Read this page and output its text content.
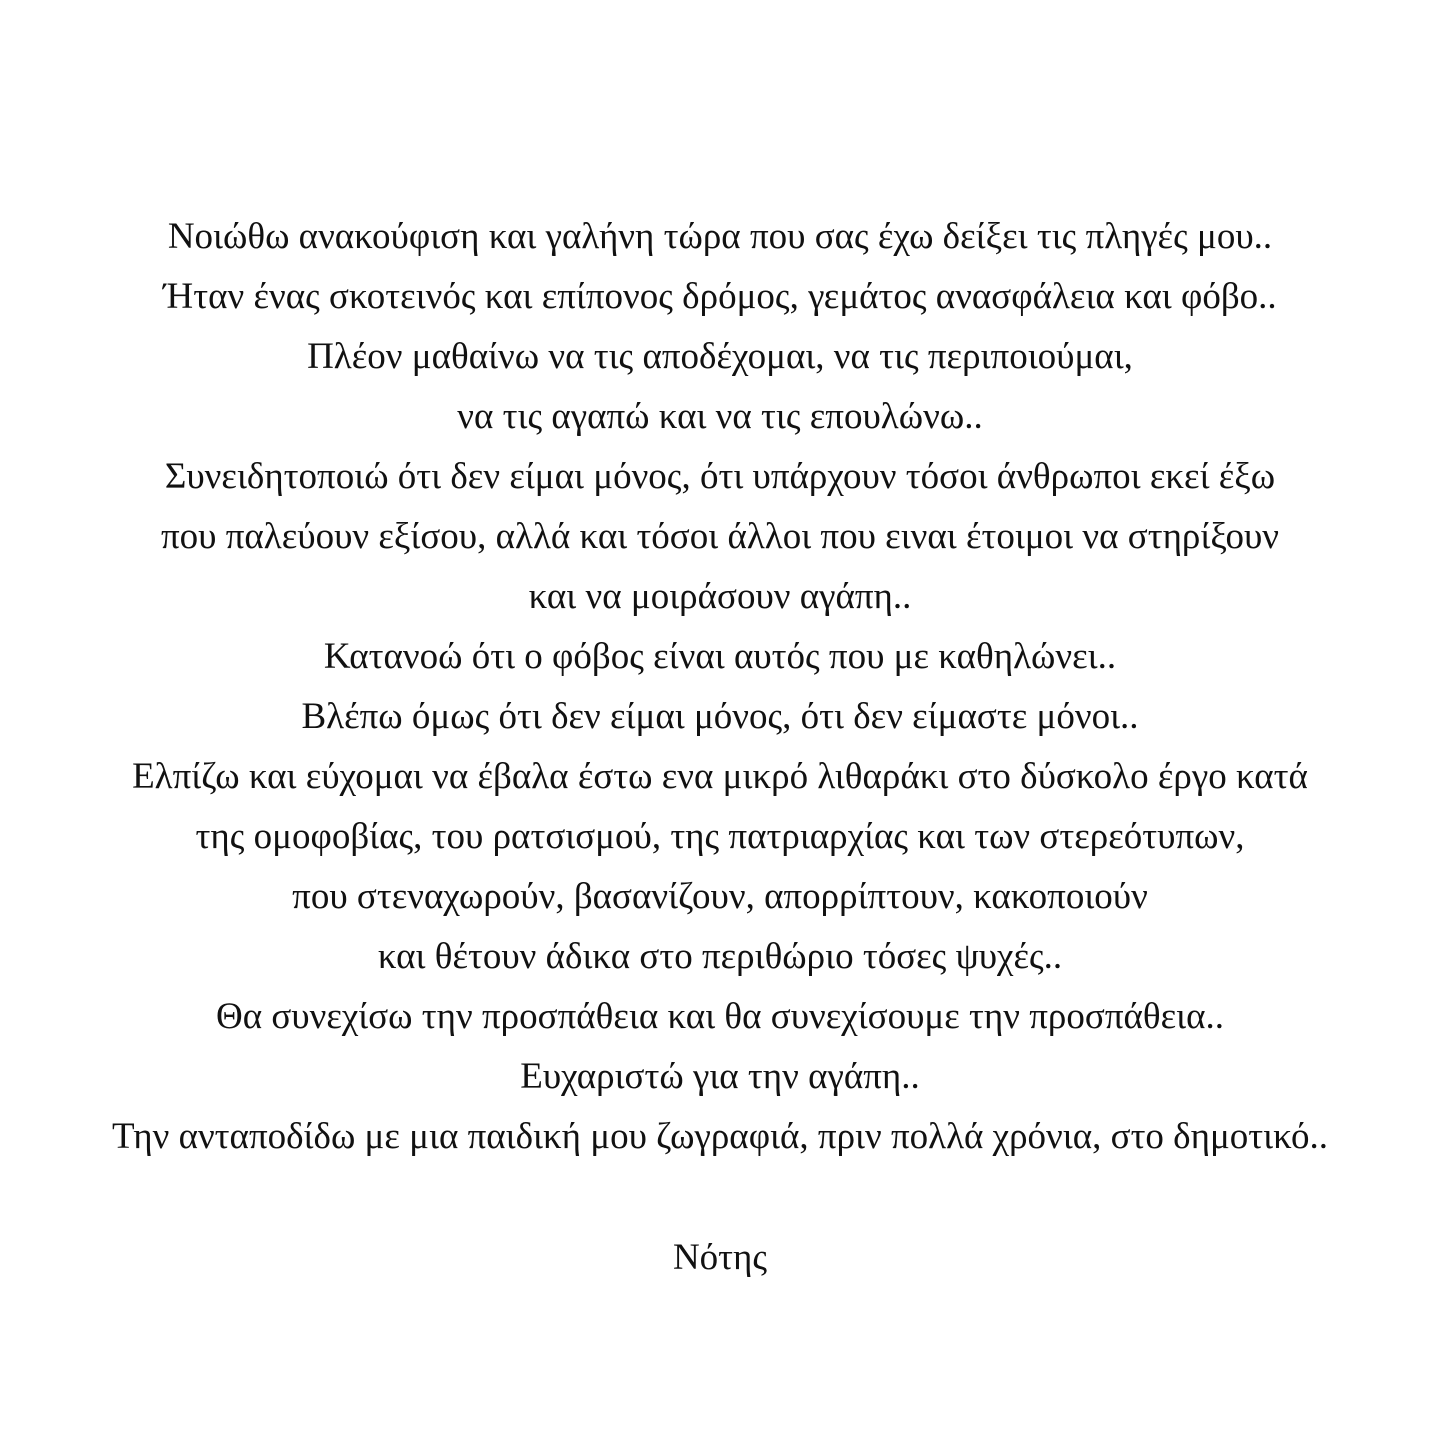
Νοιώθω ανακούφιση και γαλήνη τώρα που σας έχω δείξει τις πληγές μου..
Ήταν ένας σκοτεινός και επίπονος δρόμος, γεμάτος ανασφάλεια και φόβο..
Πλέον μαθαίνω να τις αποδέχομαι, να τις περιποιούμαι,
να τις αγαπώ και να τις επουλώνω..
Συνειδητοποιώ ότι δεν είμαι μόνος, ότι υπάρχουν τόσοι άνθρωποι εκεί έξω
που παλεύουν εξίσου, αλλά και τόσοι άλλοι που ειναι έτοιμοι να στηρίξουν
και να μοιράσουν αγάπη..
Κατανοώ ότι ο φόβος είναι αυτός που με καθηλώνει..
Βλέπω όμως ότι δεν είμαι μόνος, ότι δεν είμαστε μόνοι..
Ελπίζω και εύχομαι να έβαλα έστω ενα μικρό λιθαράκι στο δύσκολο έργο κατά
της ομοφοβίας, του ρατσισμού, της πατριαρχίας και των στερεότυπων,
που στεναχωρούν, βασανίζουν, απορρίπτουν, κακοποιούν
και θέτουν άδικα στο περιθώριο τόσες ψυχές..
Θα συνεχίσω την προσπάθεια και θα συνεχίσουμε την προσπάθεια..
Ευχαριστώ για την αγάπη..
Την ανταποδίδω με μια παιδική μου ζωγραφιά, πριν πολλά χρόνια, στο δημοτικό..
Νότης
